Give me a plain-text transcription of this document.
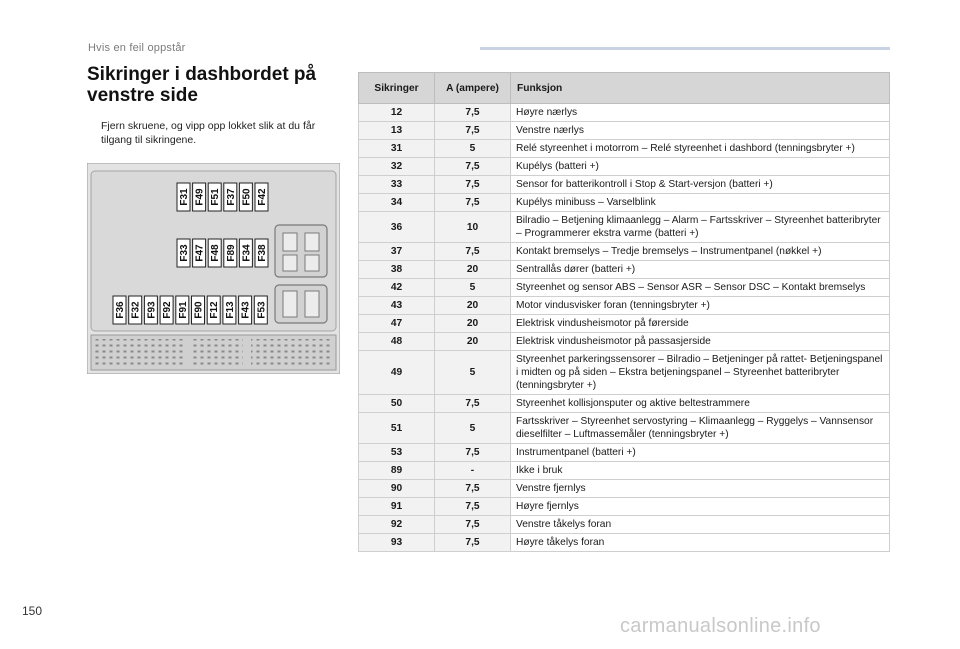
Hvis en feil oppstår
Sikringer i dashbordet på venstre side
Fjern skruene, og vipp opp lokket slik at du får tilgang til sikringene.
F31 F49 F51 F37 F50 F42
F33 F47 F48 F89 F34 F38
F36 F32 F93 F92 F91 F90 F12 F13 F43 F53
Sikringer	A (ampere)	Funksjon
12	7,5	Høyre nærlys
13	7,5	Venstre nærlys
31	5	Relé styreenhet i motorrom – Relé styreenhet i dashbord (tenningsbryter +)
32	7,5	Kupélys (batteri +)
33	7,5	Sensor for batterikontroll i Stop & Start-versjon (batteri +)
34	7,5	Kupélys minibuss – Varselblink
36	10	Bilradio – Betjening klimaanlegg – Alarm – Fartsskriver – Styreenhet batteribryter – Programmerer ekstra varme (batteri +)
37	7,5	Kontakt bremselys – Tredje bremselys – Instrumentpanel (nøkkel +)
38	20	Sentrallås dører (batteri +)
42	5	Styreenhet og sensor ABS – Sensor ASR – Sensor DSC – Kontakt bremselys
43	20	Motor vindusvisker foran (tenningsbryter +)
47	20	Elektrisk vindusheismotor på førerside
48	20	Elektrisk vindusheismotor på passasjerside
49	5	Styreenhet parkeringssensorer – Bilradio – Betjeninger på rattet- Betjeningspanel i midten og på siden – Ekstra betjeningspanel – Styreenhet batteribryter (tenningsbryter +)
50	7,5	Styreenhet kollisjonsputer og aktive beltestrammere
51	5	Fartsskriver – Styreenhet servostyring – Klimaanlegg – Ryggelys – Vannsensor dieselfilter – Luftmassemåler (tenningsbryter +)
53	7,5	Instrumentpanel (batteri +)
89	-	Ikke i bruk
90	7,5	Venstre fjernlys
91	7,5	Høyre fjernlys
92	7,5	Venstre tåkelys foran
93	7,5	Høyre tåkelys foran
150
carmanualsonline.info
